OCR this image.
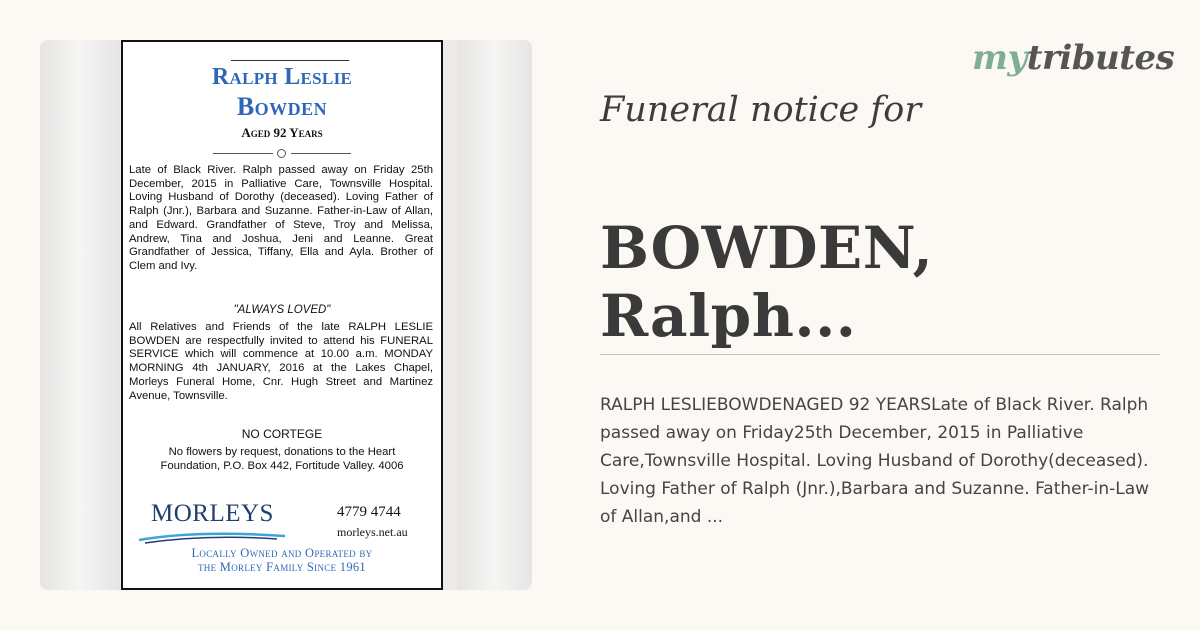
Ralph Leslie
Bowden
Aged 92 Years
Late of Black River. Ralph passed away on Friday 25th December, 2015 in Palliative Care, Townsville Hospital. Loving Husband of Dorothy (deceased). Loving Father of Ralph (Jnr.), Barbara and Suzanne. Father-in-Law of Allan, and Edward. Grandfather of Steve, Troy and Melissa, Andrew, Tina and Joshua, Jeni and Leanne. Great Grandfather of Jessica, Tiffany, Ella and Ayla. Brother of Clem and Ivy.
"ALWAYS LOVED"
All Relatives and Friends of the late RALPH LESLIE BOWDEN are respectfully invited to attend his FUNERAL SERVICE which will commence at 10.00 a.m. MONDAY MORNING 4th JANUARY, 2016 at the Lakes Chapel, Morleys Funeral Home, Cnr. Hugh Street and Martinez Avenue, Townsville.
NO CORTEGE
No flowers by request, donations to the Heart Foundation, P.O. Box 442, Fortitude Valley. 4006
MORLEYS	4779 4744
morleys.net.au
Locally Owned and Operated by
the Morley Family Since 1961
mytributes
Funeral notice for
BOWDEN, Ralph...
RALPH LESLIEBOWDENAGED 92 YEARSLate of Black River. Ralph passed away on Friday25th December, 2015 in Palliative Care,Townsville Hospital. Loving Husband of Dorothy(deceased). Loving Father of Ralph (Jnr.),Barbara and Suzanne. Father-in-Law of Allan,and ...
